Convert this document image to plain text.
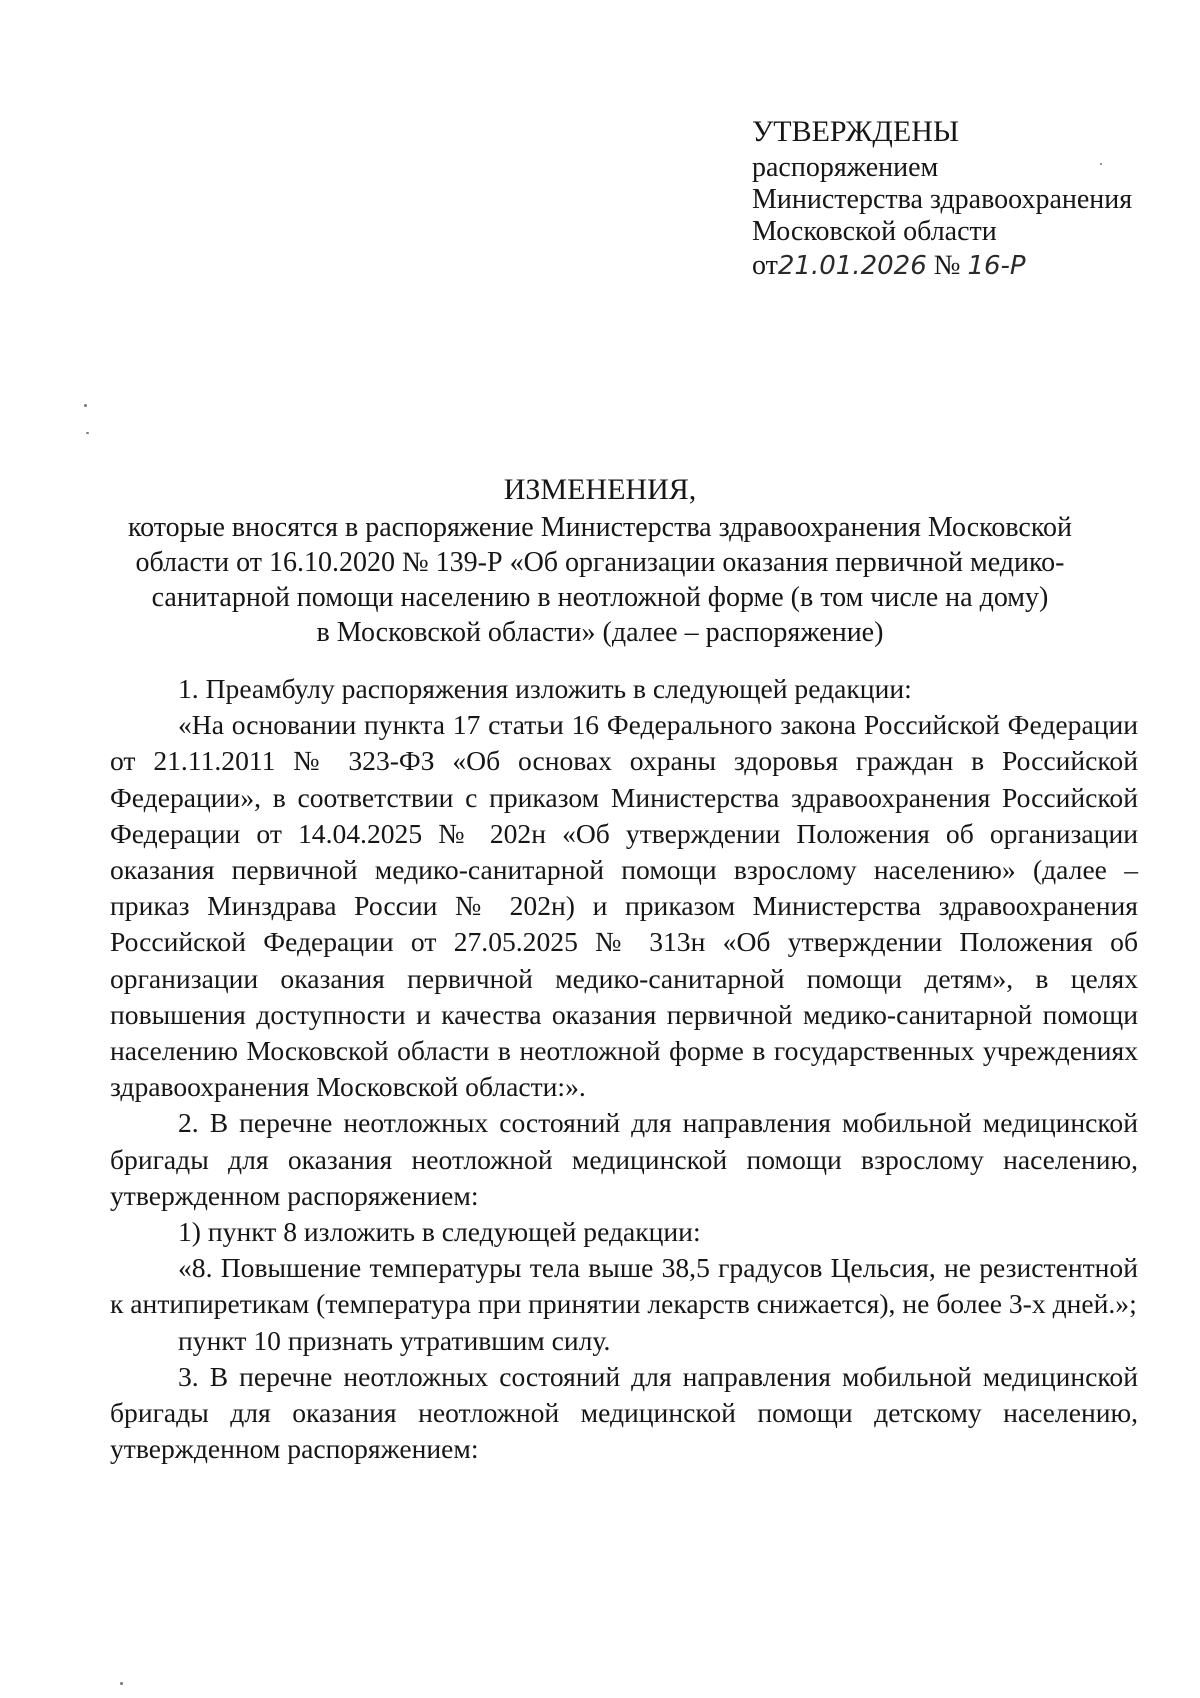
УТВЕРЖДЕНЫ
распоряжением
Министерства здравоохранения
Московской области
от21.01.2026 № 16-Р
ИЗМЕНЕНИЯ,
которые вносятся в распоряжение Министерства здравоохранения Московской
области от 16.10.2020 № 139-Р «Об организации оказания первичной медико-
санитарной помощи населению в неотложной форме (в том числе на дому)
в Московской области» (далее – распоряжение)

1. Преамбулу распоряжения изложить в следующей редакции:

«На основании пункта 17 статьи 16 Федерального закона Российской Федерации от 21.11.2011 № 323-ФЗ «Об основах охраны здоровья граждан в Российской Федерации», в соответствии с приказом Министерства здравоохранения Российской Федерации от 14.04.2025 № 202н «Об утверждении Положения об организации оказания первичной медико-санитарной помощи взрослому населению» (далее – приказ Минздрава России № 202н) и приказом Министерства здравоохранения Российской Федерации от 27.05.2025 № 313н «Об утверждении Положения об организации оказания первичной медико-санитарной помощи детям», в целях повышения доступности и качества оказания первичной медико-санитарной помощи населению Московской области в неотложной форме в государственных учреждениях здравоохранения Московской области:».

2. В перечне неотложных состояний для направления мобильной медицинской бригады для оказания неотложной медицинской помощи взрослому населению, утвержденном распоряжением:

1) пункт 8 изложить в следующей редакции:

«8. Повышение температуры тела выше 38,5 градусов Цельсия, не резистентной к антипиретикам (температура при принятии лекарств снижается), не более 3-х дней.»;

пункт 10 признать утратившим силу.

3. В перечне неотложных состояний для направления мобильной медицинской бригады для оказания неотложной медицинской помощи детскому населению, утвержденном распоряжением:
